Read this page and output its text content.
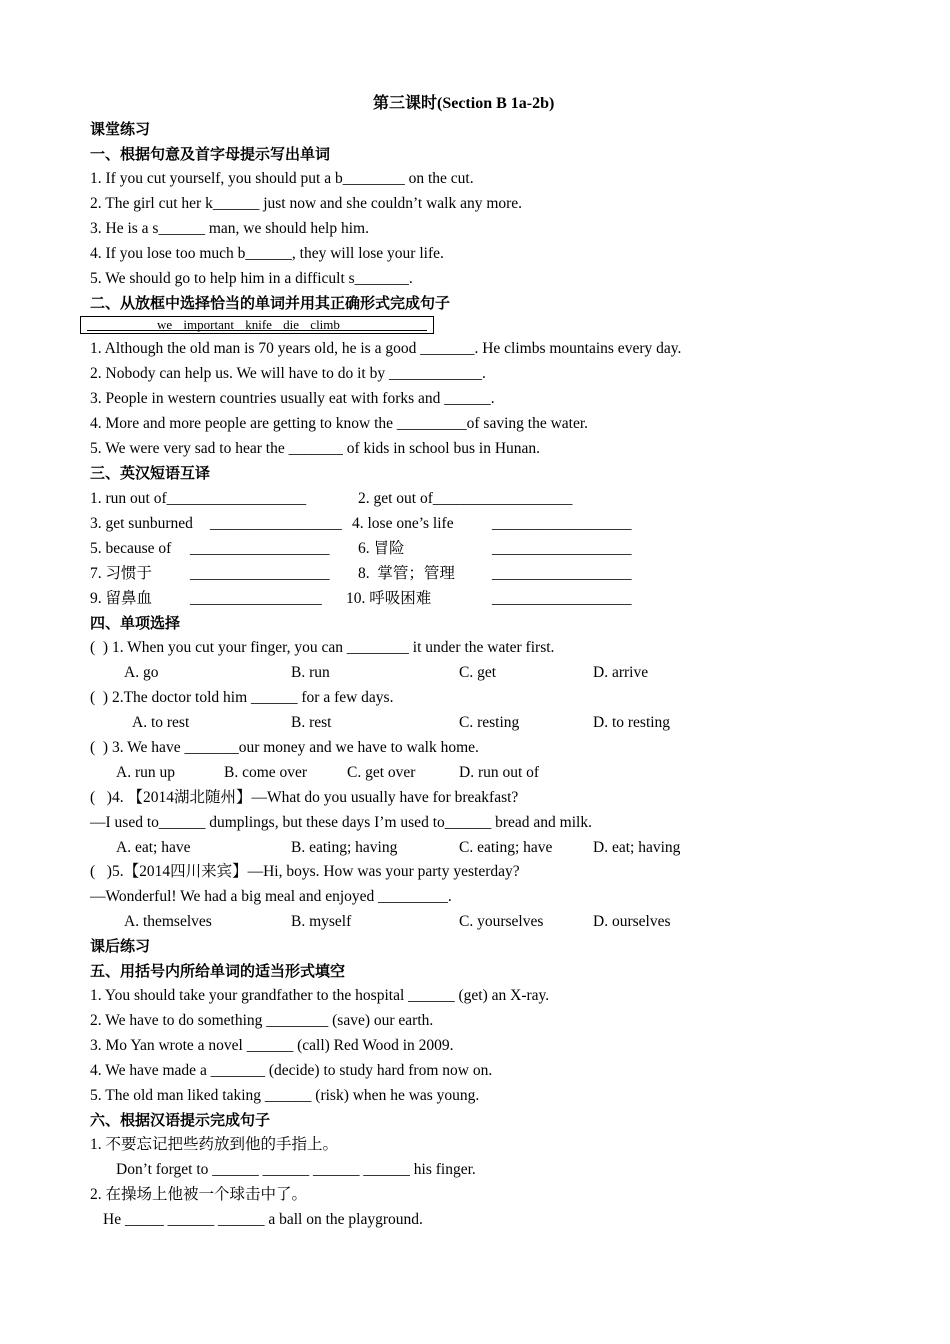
第三课时(Section B 1a-2b)
课堂练习
一、根据句意及首字母提示写出单词
1. If you cut yourself, you should put a b________ on the cut.
2. The girl cut her k______ just now and she couldn’t walk any more.
3. He is a s______ man, we should help him.
4. If you lose too much b______, they will lose your life.
5. We should go to help him in a difficult s_______.
二、从放框中选择恰当的单词并用其正确形式完成句子
we important knife die climb
1. Although the old man is 70 years old, he is a good _______. He climbs mountains every day.
2. Nobody can help us. We will have to do it by ____________.
3. People in western countries usually eat with forks and ______.
4. More and more people are getting to know the _________of saving the water.
5. We were very sad to hear the _______ of kids in school bus in Hunan.
三、英汉短语互译
1. run out of__________________	2. get out of__________________
3. get sunburned _________________ 4. lose one’s life __________________
5. because of __________________ 6. 冒险	__________________
7. 习惯于 __________________ 8.  掌管；管理 __________________
9. 留鼻血 _________________ 10. 呼吸困难	__________________
四、单项选择
(  ) 1. When you cut your finger, you can ________ it under the water first.
A. go	B. run	C. get	D. arrive
(  ) 2.The doctor told him ______ for a few days.
A. to rest	B. rest	C. resting	D. to resting
(  ) 3. We have _______our money and we have to walk home.
A. run up	B. come over	C. get over	D. run out of
(   )4. 【2014湖北随州】—What do you usually have for breakfast?
—I used to______ dumplings, but these days I’m used to______ bread and milk.
A. eat; have	B. eating; having	C. eating; have	D. eat; having
(   )5.【2014四川来宾】—Hi, boys. How was your party yesterday?
—Wonderful! We had a big meal and enjoyed _________.
A. themselves	B. myself	C. yourselves	D. ourselves
课后练习
五、用括号内所给单词的适当形式填空
1. You should take your grandfather to the hospital ______ (get) an X-ray.
2. We have to do something ________ (save) our earth.
3. Mo Yan wrote a novel ______ (call) Red Wood in 2009.
4. We have made a _______ (decide) to study hard from now on.
5. The old man liked taking ______ (risk) when he was young.
六、根据汉语提示完成句子
1. 不要忘记把些药放到他的手指上。
Don’t forget to ______ ______ ______ ______ his finger.
2. 在操场上他被一个球击中了。
He _____ ______ ______ a ball on the playground.
